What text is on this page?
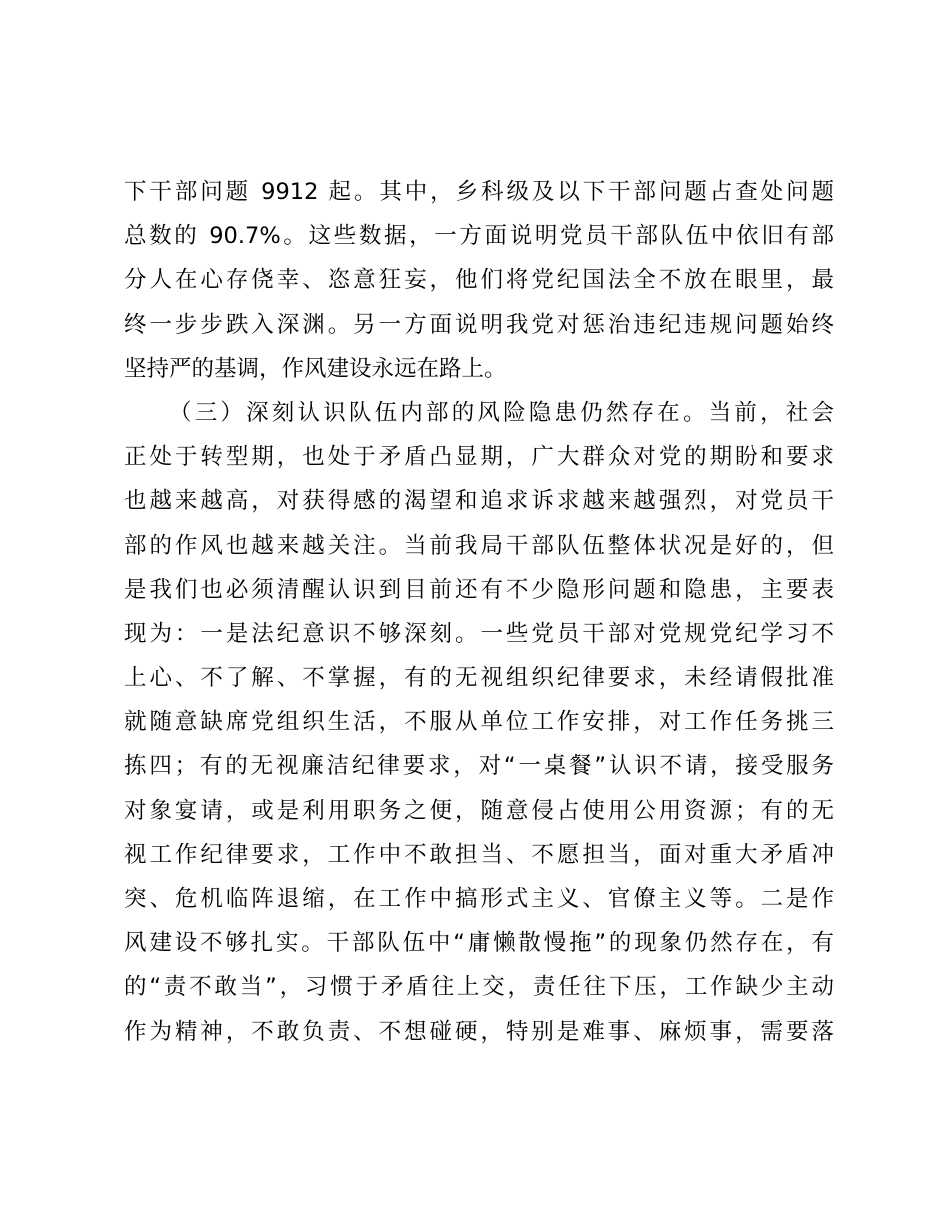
下干部问题 9912 起。其中，乡科级及以下干部问题占查处问题
总数的 90.7%。这些数据，一方面说明党员干部队伍中依旧有部
分人在心存侥幸、恣意狂妄，他们将党纪国法全不放在眼里，最
终一步步跌入深渊。另一方面说明我党对惩治违纪违规问题始终
坚持严的基调，作风建设永远在路上。
（三）深刻认识队伍内部的风险隐患仍然存在。当前，社会
正处于转型期，也处于矛盾凸显期，广大群众对党的期盼和要求
也越来越高，对获得感的渴望和追求诉求越来越强烈，对党员干
部的作风也越来越关注。当前我局干部队伍整体状况是好的，但
是我们也必须清醒认识到目前还有不少隐形问题和隐患，主要表
现为：一是法纪意识不够深刻。一些党员干部对党规党纪学习不
上心、不了解、不掌握，有的无视组织纪律要求，未经请假批准
就随意缺席党组织生活，不服从单位工作安排，对工作任务挑三
拣四；有的无视廉洁纪律要求，对“一桌餐”认识不请，接受服务
对象宴请，或是利用职务之便，随意侵占使用公用资源；有的无
视工作纪律要求，工作中不敢担当、不愿担当，面对重大矛盾冲
突、危机临阵退缩，在工作中搞形式主义、官僚主义等。二是作
风建设不够扎实。干部队伍中“庸懒散慢拖”的现象仍然存在，有
的“责不敢当”，习惯于矛盾往上交，责任往下压，工作缺少主动
作为精神，不敢负责、不想碰硬，特别是难事、麻烦事，需要落
